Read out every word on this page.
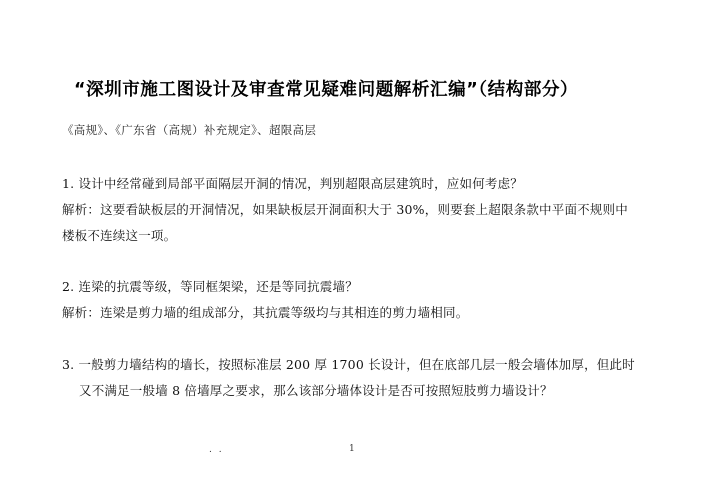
“深圳市施工图设计及审查常见疑难问题解析汇编”（结构部分）
《高规》、《广东省（高规）补充规定》、超限高层
1. 设计中经常碰到局部平面隔层开洞的情况，判别超限高层建筑时，应如何考虑？
解析：这要看缺板层的开洞情况，如果缺板层开洞面积大于 30%，则要套上超限条款中平面不规则中
楼板不连续这一项。
2. 连梁的抗震等级，等同框架梁，还是等同抗震墙？
解析：连梁是剪力墙的组成部分，其抗震等级均与其相连的剪力墙相同。
3. 一般剪力墙结构的墙长，按照标准层 200 厚 1700 长设计，但在底部几层一般会墙体加厚，但此时
又不满足一般墙 8 倍墙厚之要求，那么该部分墙体设计是否可按照短肢剪力墙设计？
. .	1
